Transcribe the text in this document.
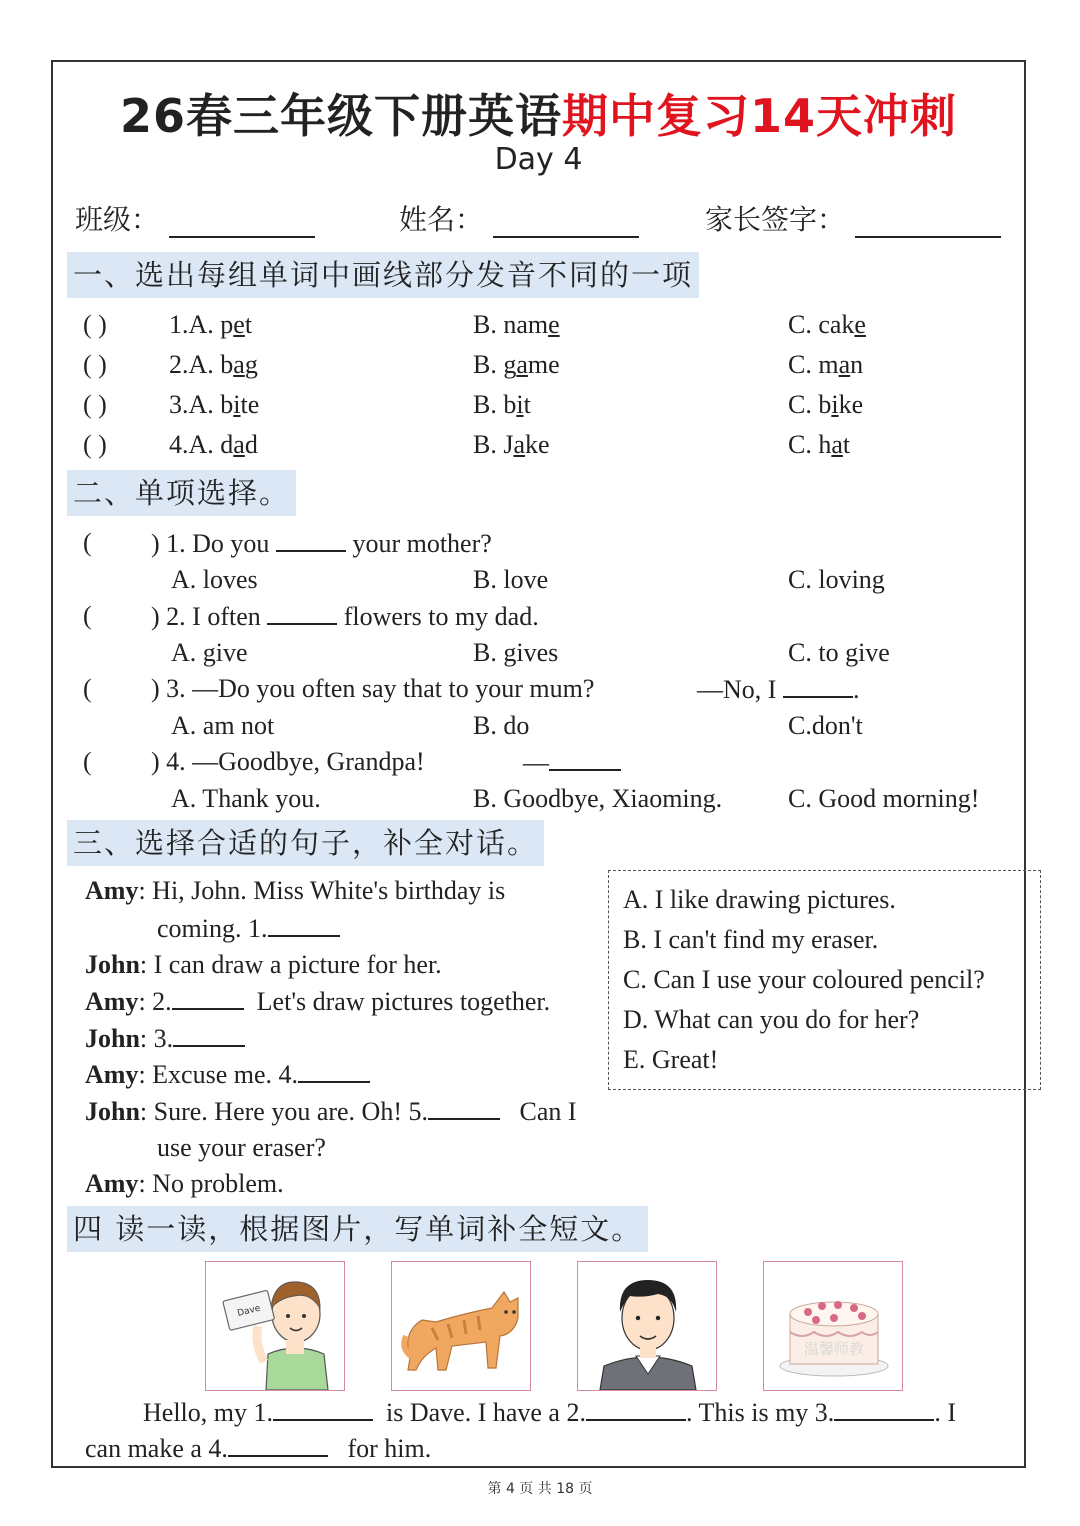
26春三年级下册英语期中复习14天冲刺
Day 4
班级：	姓名：	家长签字：
一、选出每组单词中画线部分发音不同的一项
( ) 1.A. pet	B. name	C. cake
( ) 2.A. bag	B. game	C. man
( ) 3.A. bite	B. bit	C. bike
( ) 4.A. dad	B. Jake	C. hat
二、单项选择。
( ) 1. Do you	your mother?
A. loves	B. love	C. loving
( ) 2. I often	flowers to my dad.
A. give	B. gives	C. to give
( ) 3. —Do you often say that to your mum?	—No, I	.
A. am not	B. do	C.don't
( ) 4. —Goodbye, Grandpa!	—
A. Thank you.	B. Goodbye, Xiaoming.	C. Good morning!
三、选择合适的句子，补全对话。
Amy: Hi, John. Miss White's birthday is
coming. 1.
John: I can draw a picture for her.
Amy: 2.	Let's draw pictures together.
John: 3.
Amy: Excuse me. 4.
John: Sure. Here you are. Oh! 5.	Can I
use your eraser?
Amy: No problem.
A. I like drawing pictures.
B. I can't find my eraser.
C. Can I use your coloured pencil?
D. What can you do for her?
E. Great!
四 读一读，根据图片，写单词补全短文。
Dave
温馨师教
Hello, my 1.	is Dave. I have a 2.	. This is my 3.	. I
can make a 4.	for him.
第 4 页 共 18 页
